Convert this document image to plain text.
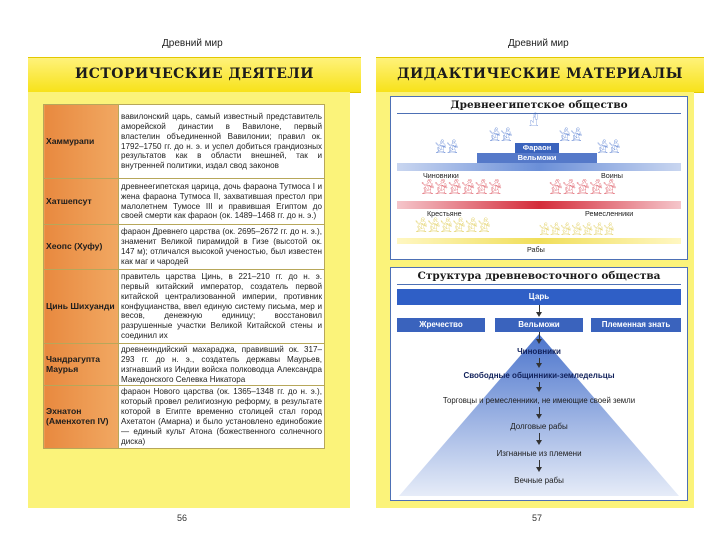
Древний мир
ИСТОРИЧЕСКИЕ ДЕЯТЕЛИ
56
Хаммурапи	вавилонский царь, самый известный представитель аморейской династии в Вавилоне, первый властелин объединенной Вавилонии; правил ок. 1792–1750 гг. до н. э. и успел добиться грандиозных результатов как в области внешней, так и внутренней политики, издал свод законов
Хатшепсут	древнеегипетская царица, дочь фараона Тутмоса I и жена фараона Тутмоса II, захватившая престол при малолетнем Тумосе III и правившая Египтом до своей смерти как фараон (ок. 1489–1468 гг. до н. э.)
Хеопс (Хуфу)	фараон Древнего царства (ок. 2695–2672 гг. до н. э.), знаменит Великой пирамидой в Гизе (высотой ок. 147 м); отличался высокой ученостью, был известен как маг и чародей
Цинь Шихуанди	правитель царства Цинь, в 221–210 гг. до н. э. первый китайский император, создатель первой китайской централизованной империи, противник конфуцианства, ввел единую систему письма, мер и весов, денежную единицу; восстановил разрушенные участки Великой Китайской стены и соединил их
Чандрагупта Маурья	древнеиндийский махараджа, правивший ок. 317–293 гг. до н. э., создатель державы Маурьев, изгнавший из Индии войска полководца Александра Македонского Селевка Никатора
Эхнатон (Аменхотеп IV)	фараон Нового царства (ок. 1365–1348 гг. до н. э.), который провел религиозную реформу, в результате которой в Египте временно столицей стал город Ахетатон (Амарна) и было установлено единобожие — единый культ Атона (божественного солнечного диска)
Древний мир
ДИДАКТИЧЕСКИЕ МАТЕРИАЛЫ
57
Древнеегипетское общество
𓀭
Фараон
𓀀𓀀	𓀀𓀀
Вельможи
𓀀𓀀	𓀀𓀀
Чиновники	Воины
𓀀𓀀𓀀𓀀𓀀𓀀	𓀀𓀀𓀀𓀀𓀀
Крестьяне	Ремесленники
𓀀𓀀𓀀𓀀𓀀𓀀	𓀀𓀀𓀀𓀀𓀀𓀀𓀀
Рабы
Структура древневосточного общества
Царь
Жречество	Вельможи	Племенная знать
Чиновники
Свободные общинники-земледельцы
Торговцы и ремесленники, не имеющие своей земли
Долговые рабы
Изгнанные из племени
Вечные рабы
